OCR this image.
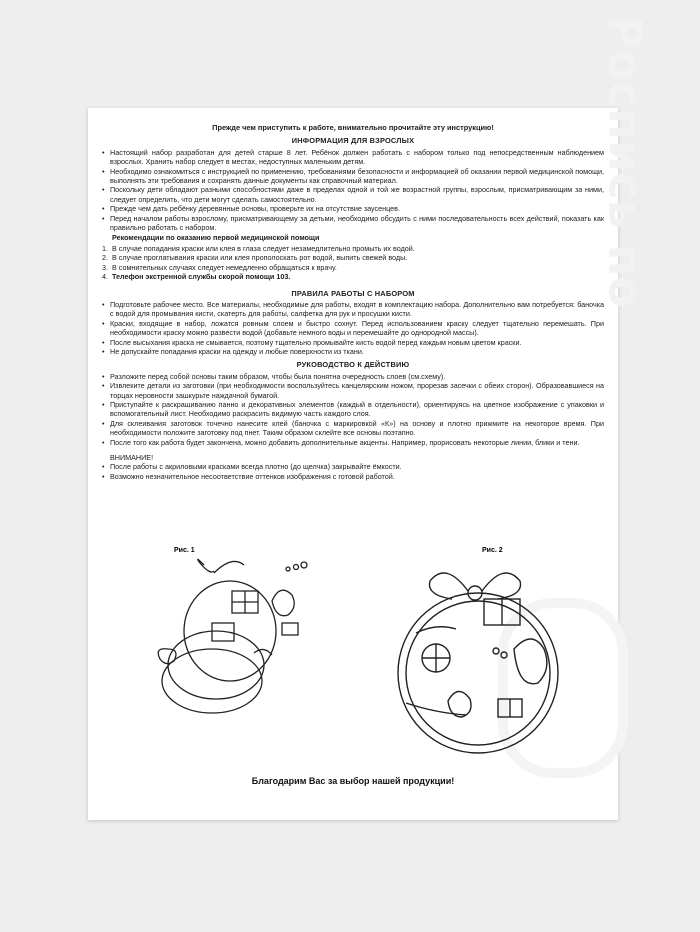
Роспись по
Прежде чем приступить к работе, внимательно прочитайте эту инструкцию!
ИНФОРМАЦИЯ ДЛЯ ВЗРОСЛЫХ
• Настоящий набор разработан для детей старше 8 лет. Ребёнок должен работать с набором только под непосредственным наблюдением взрослых. Хранить набор следует в местах, недоступных маленьким детям.
• Необходимо ознакомиться с инструкцией по применению, требованиями безопасности и информацией об оказании первой медицинской помощи, выполнять эти требования и сохранять данные документы как справочный материал.
• Поскольку дети обладают разными способностями даже в пределах одной и той же возрастной группы, взрослым, присматривающим за ними, следует определить, что дети могут сделать самостоятельно.
• Прежде чем дать ребёнку деревянные основы, проверьте их на отсутствие заусенцев.
• Перед началом работы взрослому, присматривающему за детьми, необходимо обсудить с ними последовательность всех действий, показать как правильно работать с набором.
Рекомендации по оказанию первой медицинской помощи
1. В случае попадания краски или клея в глаза следует незамедлительно промыть их водой.
2. В случае проглатывания краски или клея прополоскать рот водой, выпить свежей воды.
3. В сомнительных случаях следует немедленно обращаться к врачу.
4. Телефон экстренной службы скорой помощи 103.
ПРАВИЛА РАБОТЫ С НАБОРОМ
• Подготовьте рабочее место. Все материалы, необходимые для работы, входят в комплектацию набора. Дополнительно вам потребуется: баночка с водой для промывания кисти, скатерть для работы, салфетка для рук и просушки кисти.
• Краски, входящие в набор, ложатся ровным слоем и быстро сохнут. Перед использованием краску следует тщательно перемешать. При необходимости краску можно развести водой (добавьте немного воды и перемешайте до однородной массы).
• После высыхания краска не смывается, поэтому тщательно промывайте кисть водой перед каждым новым цветом краски.
• Не допускайте попадания краски на одежду и любые поверхности из ткани.
РУКОВОДСТВО К ДЕЙСТВИЮ
• Разложите перед собой основы таким образом, чтобы была понятна очередность слоев (см.схему).
• Извлеките детали из заготовки (при необходимости воспользуйтесь канцелярским ножом, прорезав засечки с обеих сторон). Образовавшиеся на торцах неровности зашкурьте наждачной бумагой.
• Приступайте к раскрашиванию панно и декоративных элементов (каждый в отдельности), ориентируясь на цветное изображение с упаковки и вспомогательный лист. Необходимо раскрасить видимую часть каждого слоя.
• Для склеивания заготовок точечно нанесите клей (баночка с маркировкой «К») на основу и плотно прижмите на некоторое время. При необходимости положите заготовку под пнет. Таким образом склейте все основы поэтапно.
• После того как работа будет закончена, можно добавить дополнительные акценты. Например, прорисовать некоторые линии, блики и тени.
ВНИМАНИЕ!
• После работы с акриловыми красками всегда плотно (до щелчка) закрывайте ёмкости.
• Возможно незначительное несоответствие оттенков изображения с готовой работой.
Рис. 1	Рис. 2
Благодарим Вас за выбор нашей продукции!
